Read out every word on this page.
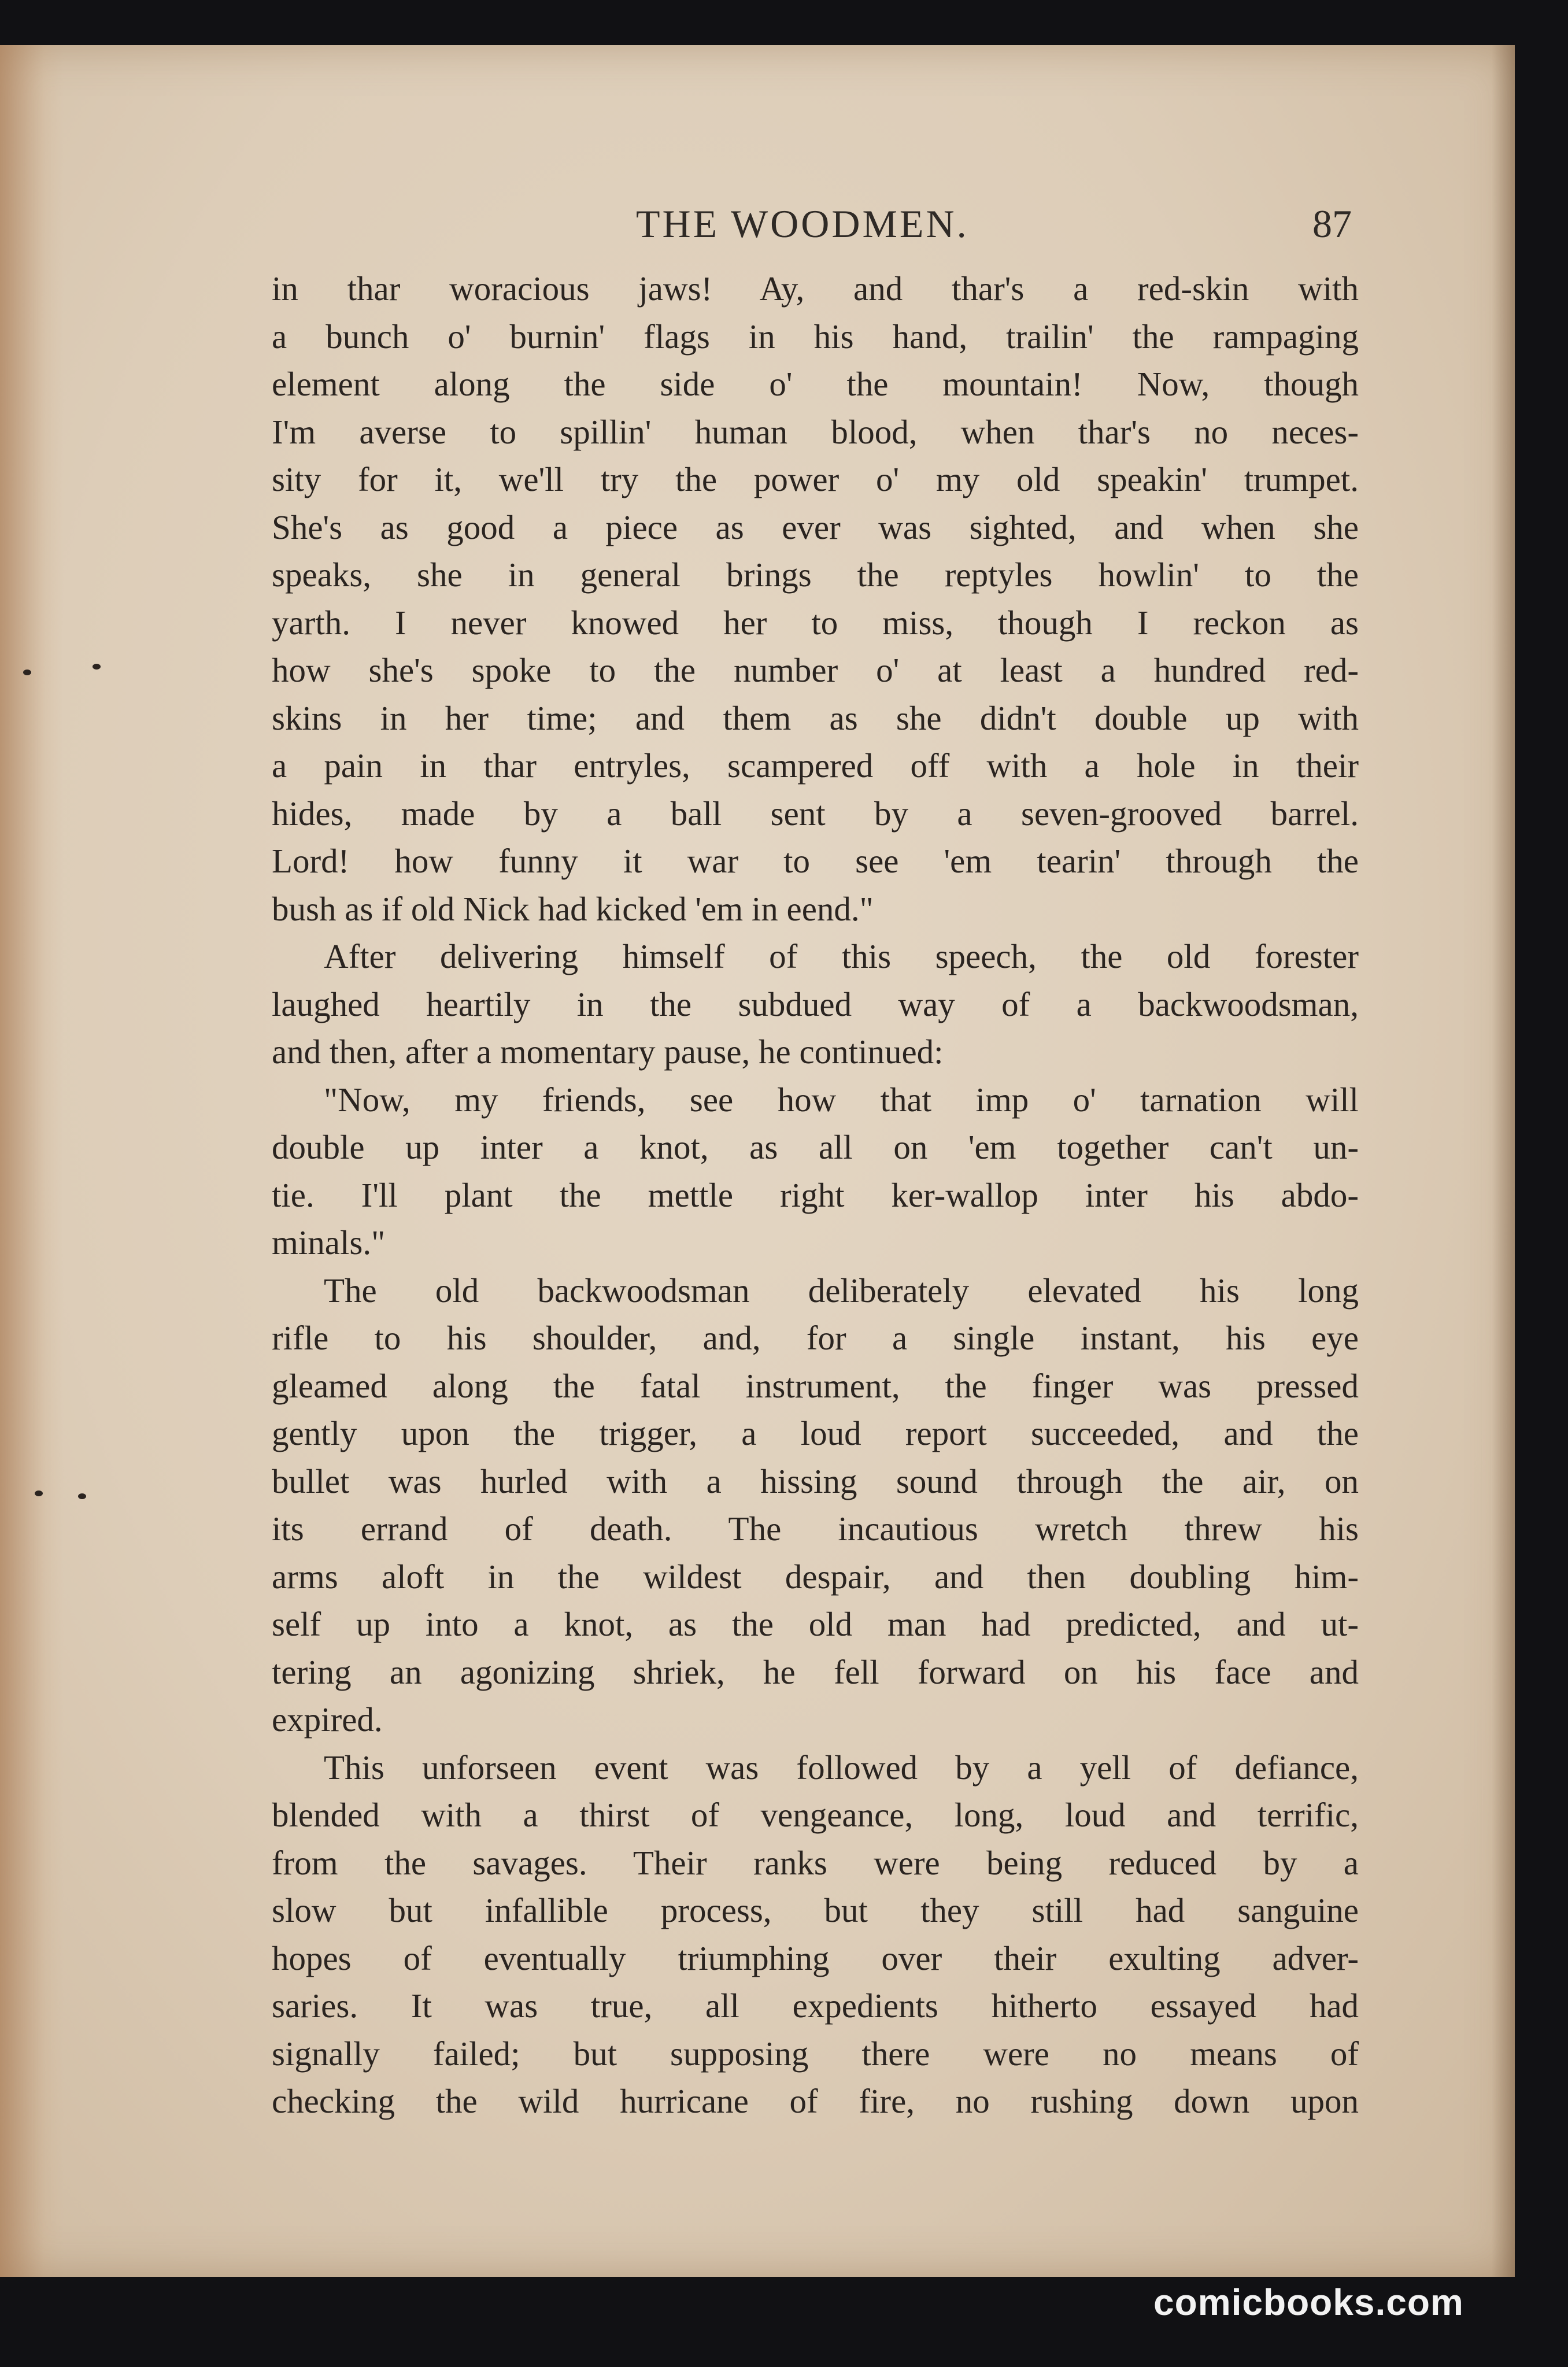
THE WOODMEN.	87
in thar woracious jaws! Ay, and thar's a red-skin with
a bunch o' burnin' flags in his hand, trailin' the rampaging
element along the side o' the mountain! Now, though
I'm averse to spillin' human blood, when thar's no neces-
sity for it, we'll try the power o' my old speakin' trumpet.
She's as good a piece as ever was sighted, and when she
speaks, she in general brings the reptyles howlin' to the
yarth. I never knowed her to miss, though I reckon as
how she's spoke to the number o' at least a hundred red-
skins in her time; and them as she didn't double up with
a pain in thar entryles, scampered off with a hole in their
hides, made by a ball sent by a seven-grooved barrel.
Lord! how funny it war to see 'em tearin' through the
bush as if old Nick had kicked 'em in eend."
After delivering himself of this speech, the old forester
laughed heartily in the subdued way of a backwoodsman,
and then, after a momentary pause, he continued:
"Now, my friends, see how that imp o' tarnation will
double up inter a knot, as all on 'em together can't un-
tie. I'll plant the mettle right ker-wallop inter his abdo-
minals."
The old backwoodsman deliberately elevated his long
rifle to his shoulder, and, for a single instant, his eye
gleamed along the fatal instrument, the finger was pressed
gently upon the trigger, a loud report succeeded, and the
bullet was hurled with a hissing sound through the air, on
its errand of death. The incautious wretch threw his
arms aloft in the wildest despair, and then doubling him-
self up into a knot, as the old man had predicted, and ut-
tering an agonizing shriek, he fell forward on his face and
expired.
This unforseen event was followed by a yell of defiance,
blended with a thirst of vengeance, long, loud and terrific,
from the savages. Their ranks were being reduced by a
slow but infallible process, but they still had sanguine
hopes of eventually triumphing over their exulting adver-
saries. It was true, all expedients hitherto essayed had
signally failed; but supposing there were no means of
checking the wild hurricane of fire, no rushing down upon
comicbooks.com
